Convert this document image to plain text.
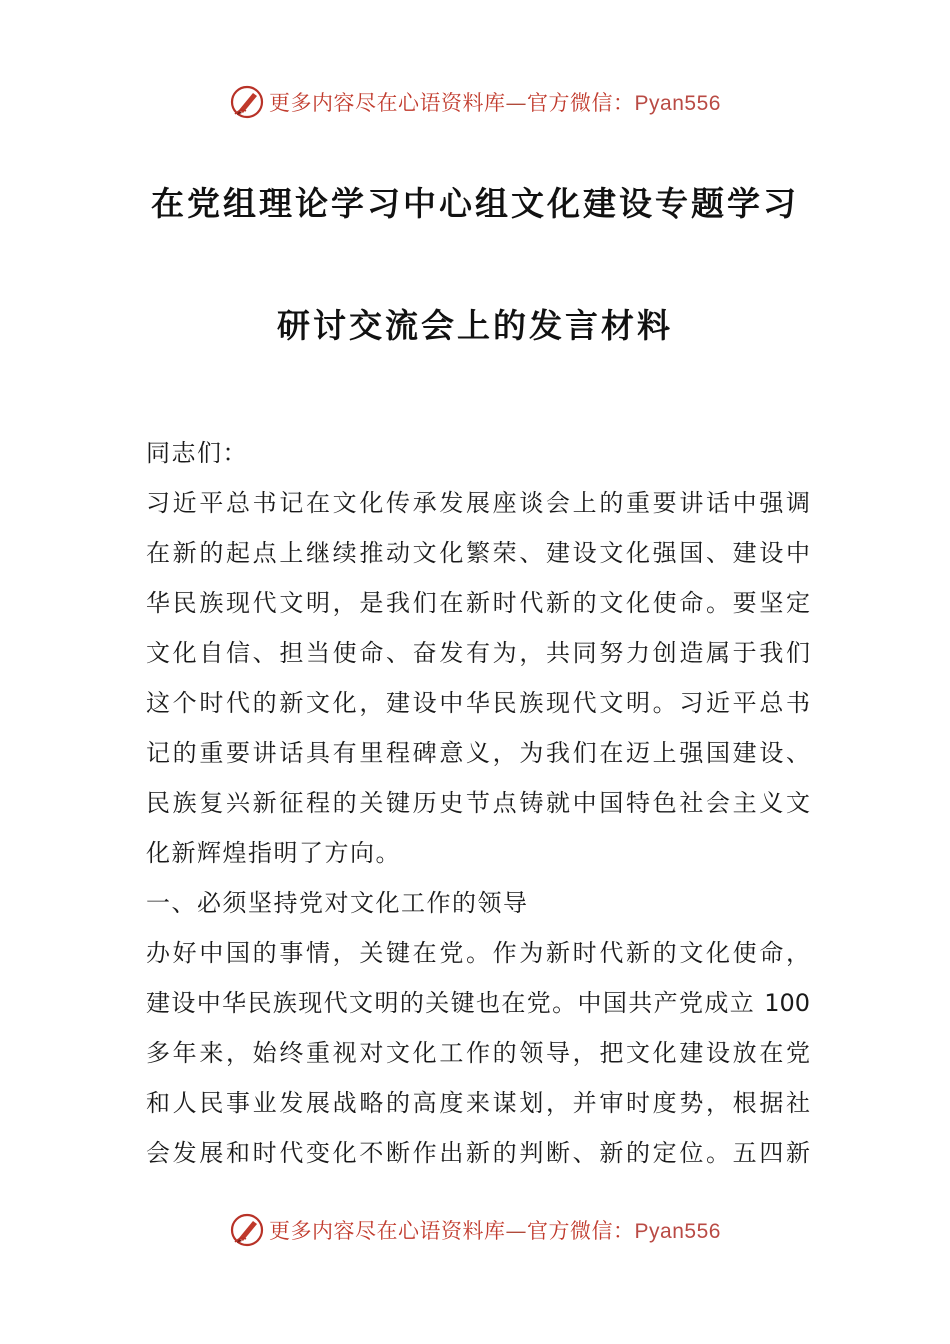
更多内容尽在心语资料库—官方微信：Pyan556
在党组理论学习中心组文化建设专题学习
研讨交流会上的发言材料
同志们：
习近平总书记在文化传承发展座谈会上的重要讲话中强调
在新的起点上继续推动文化繁荣、建设文化强国、建设中
华民族现代文明，是我们在新时代新的文化使命。要坚定
文化自信、担当使命、奋发有为，共同努力创造属于我们
这个时代的新文化，建设中华民族现代文明。习近平总书
记的重要讲话具有里程碑意义，为我们在迈上强国建设、
民族复兴新征程的关键历史节点铸就中国特色社会主义文
化新辉煌指明了方向。
一、必须坚持党对文化工作的领导
办好中国的事情，关键在党。作为新时代新的文化使命，
建设中华民族现代文明的关键也在党。中国共产党成立 100
多年来，始终重视对文化工作的领导，把文化建设放在党
和人民事业发展战略的高度来谋划，并审时度势，根据社
会发展和时代变化不断作出新的判断、新的定位。五四新
更多内容尽在心语资料库—官方微信：Pyan556
